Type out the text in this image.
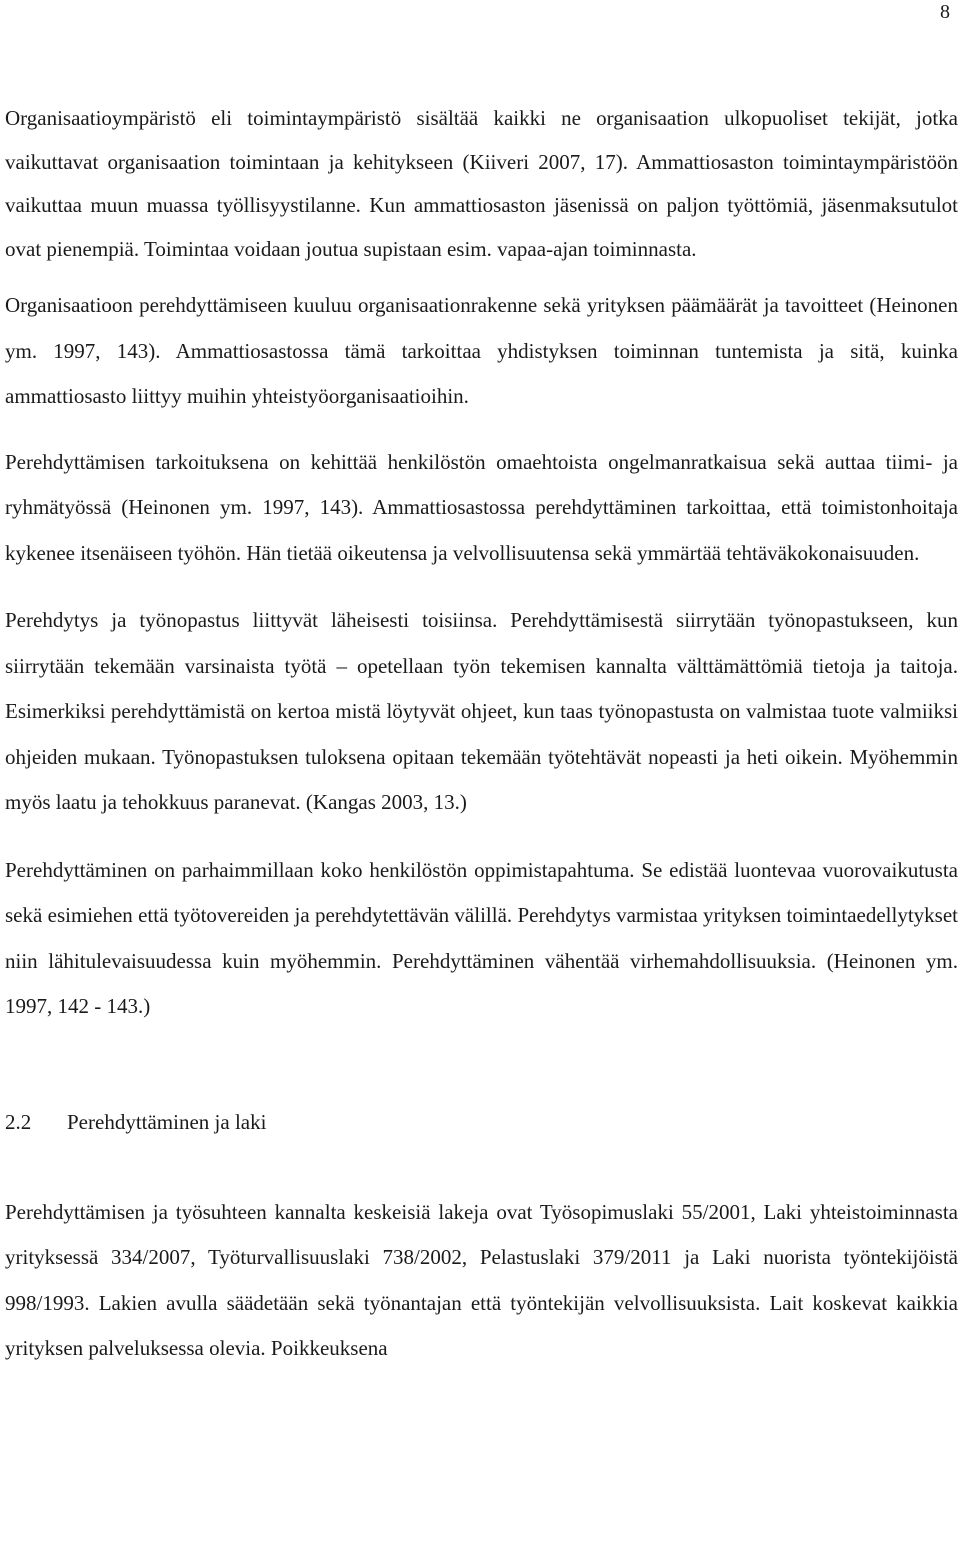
8

Organisaatioympäristö eli toimintaympäristö sisältää kaikki ne organisaation ulkopuoliset tekijät, jotka vaikuttavat organisaation toimintaan ja kehitykseen (Kiiveri 2007, 17). Ammattiosaston toimintaympäristöön vaikuttaa muun muassa työllisyystilanne. Kun ammattiosaston jäsenissä on paljon työttömiä, jäsenmaksutulot ovat pienempiä. Toimintaa voidaan joutua supistaan esim. vapaa-ajan toiminnasta.

Organisaatioon perehdyttämiseen kuuluu organisaationrakenne sekä yrityksen päämäärät ja tavoitteet (Heinonen ym. 1997, 143). Ammattiosastossa tämä tarkoittaa yhdistyksen toiminnan tuntemista ja sitä, kuinka ammattiosasto liittyy muihin yhteistyöorganisaatioihin.

Perehdyttämisen tarkoituksena on kehittää henkilöstön omaehtoista ongelmanratkaisua sekä auttaa tiimi- ja ryhmätyössä (Heinonen ym. 1997, 143). Ammattiosastossa perehdyttäminen tarkoittaa, että toimistonhoitaja kykenee itsenäiseen työhön. Hän tietää oikeutensa ja velvollisuutensa sekä ymmärtää tehtäväkokonaisuuden.

Perehdytys ja työnopastus liittyvät läheisesti toisiinsa. Perehdyttämisestä siirrytään työnopastukseen, kun siirrytään tekemään varsinaista työtä – opetellaan työn tekemisen kannalta välttämättömiä tietoja ja taitoja. Esimerkiksi perehdyttämistä on kertoa mistä löytyvät ohjeet, kun taas työnopastusta on valmistaa tuote valmiiksi ohjeiden mukaan. Työnopastuksen tuloksena opitaan tekemään työtehtävät nopeasti ja heti oikein. Myöhemmin myös laatu ja tehokkuus paranevat. (Kangas 2003, 13.)

Perehdyttäminen on parhaimmillaan koko henkilöstön oppimistapahtuma. Se edistää luontevaa vuorovaikutusta sekä esimiehen että työtovereiden ja perehdytettävän välillä. Perehdytys varmistaa yrityksen toimintaedellytykset niin lähitulevaisuudessa kuin myöhemmin. Perehdyttäminen vähentää virhemahdollisuuksia. (Heinonen ym. 1997, 142 - 143.)

2.2 Perehdyttäminen ja laki

Perehdyttämisen ja työsuhteen kannalta keskeisiä lakeja ovat Työsopimuslaki 55/2001, Laki yhteistoiminnasta yrityksessä 334/2007, Työturvallisuuslaki 738/2002, Pelastuslaki 379/2011 ja Laki nuorista työntekijöistä 998/1993. Lakien avulla säädetään sekä työnantajan että työntekijän velvollisuuksista. Lait koskevat kaikkia yrityksen palveluksessa olevia. Poikkeuksena
